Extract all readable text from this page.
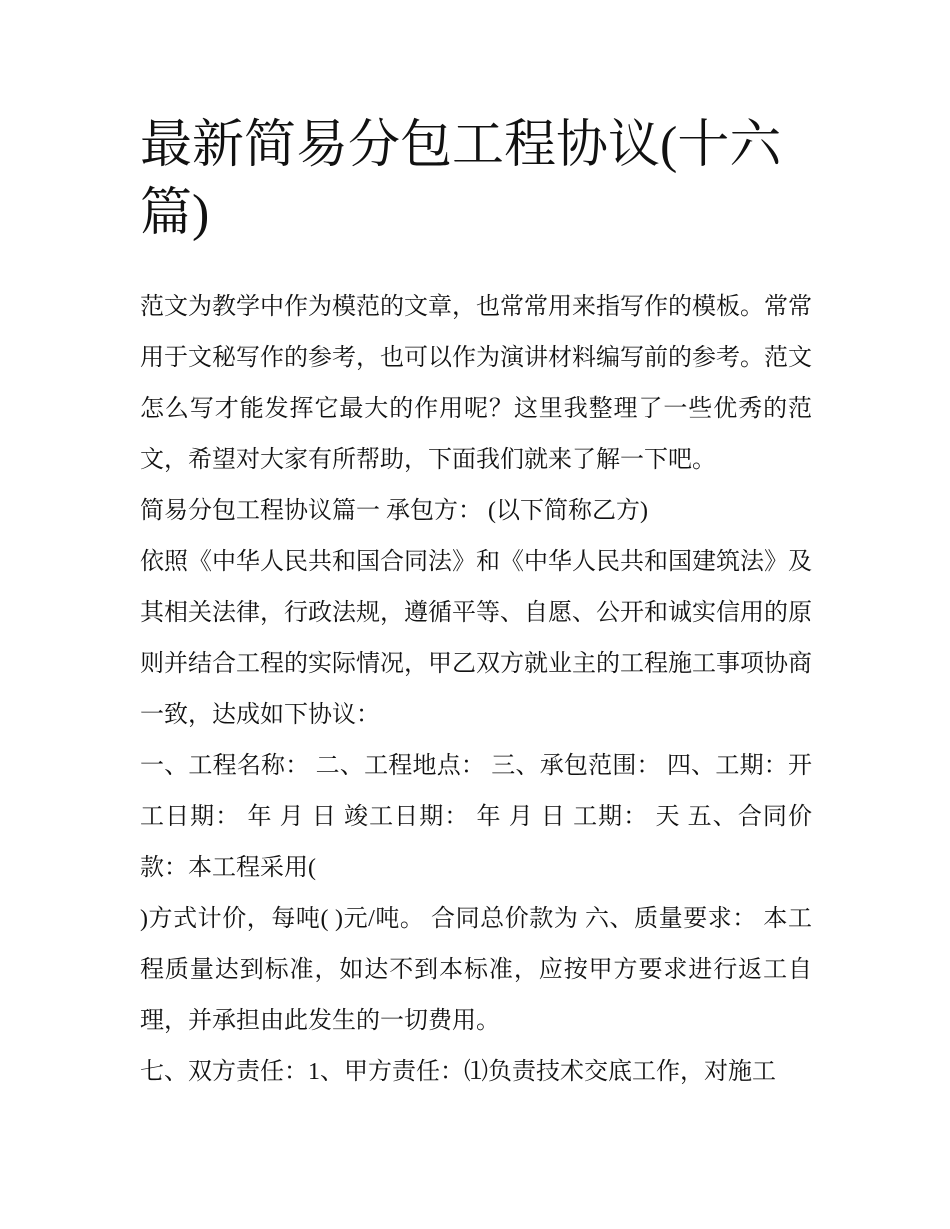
最新简易分包工程协议(十六篇)

范文为教学中作为模范的文章，也常常用来指写作的模板。常常用于文秘写作的参考，也可以作为演讲材料编写前的参考。范文怎么写才能发挥它最大的作用呢？这里我整理了一些优秀的范文，希望对大家有所帮助，下面我们就来了解一下吧。

简易分包工程协议篇一 承包方： (以下简称乙方)

依照《中华人民共和国合同法》和《中华人民共和国建筑法》及其相关法律，行政法规，遵循平等、自愿、公开和诚实信用的原则并结合工程的实际情况，甲乙双方就业主的工程施工事项协商一致，达成如下协议：

一、工程名称： 二、工程地点： 三、承包范围： 四、工期：开工日期： 年 月 日 竣工日期： 年 月 日 工期： 天 五、合同价款：本工程采用(

)方式计价，每吨( )元/吨。 合同总价款为 六、质量要求： 本工程质量达到标准，如达不到本标准，应按甲方要求进行返工自理，并承担由此发生的一切费用。

七、双方责任：1、甲方责任：⑴负责技术交底工作，对施工
